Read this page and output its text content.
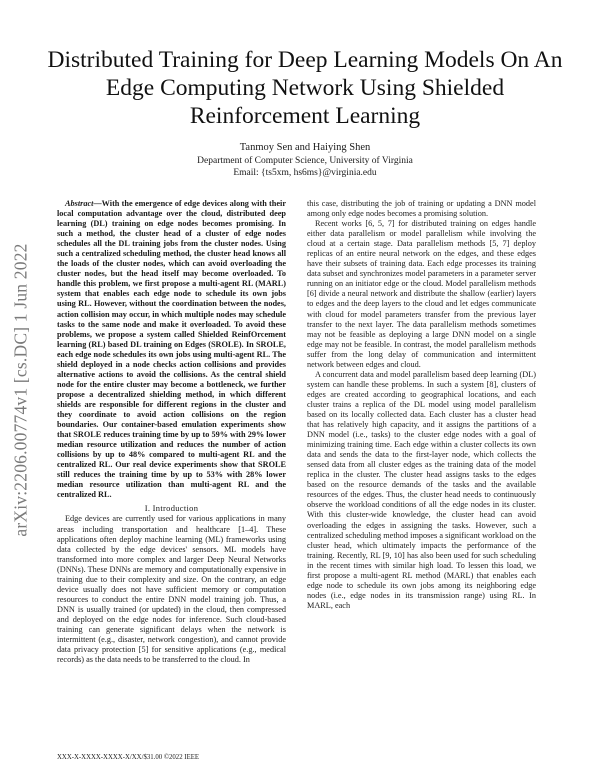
arXiv:2206.00774v1 [cs.DC] 1 Jun 2022
Distributed Training for Deep Learning Models On An Edge Computing Network Using Shielded Reinforcement Learning
Tanmoy Sen and Haiying Shen
Department of Computer Science, University of Virginia
Email: {ts5xm, hs6ms}@virginia.edu

Abstract—With the emergence of edge devices along with their local computation advantage over the cloud, distributed deep learning (DL) training on edge nodes becomes promising. In such a method, the cluster head of a cluster of edge nodes schedules all the DL training jobs from the cluster nodes. Using such a centralized scheduling method, the cluster head knows all the loads of the cluster nodes, which can avoid overloading the cluster nodes, but the head itself may become overloaded. To handle this problem, we first propose a multi-agent RL (MARL) system that enables each edge node to schedule its own jobs using RL. However, without the coordination between the nodes, action collision may occur, in which multiple nodes may schedule tasks to the same node and make it overloaded. To avoid these problems, we propose a system called Shielded ReinfOrcement learning (RL) based DL training on Edges (SROLE). In SROLE, each edge node schedules its own jobs using multi-agent RL. The shield deployed in a node checks action collisions and provides alternative actions to avoid the collisions. As the central shield node for the entire cluster may become a bottleneck, we further propose a decentralized shielding method, in which different shields are responsible for different regions in the cluster and they coordinate to avoid action collisions on the region boundaries. Our container-based emulation experiments show that SROLE reduces training time by up to 59% with 29% lower median resource utilization and reduces the number of action collisions by up to 48% compared to multi-agent RL and the centralized RL. Our real device experiments show that SROLE still reduces the training time by up to 53% with 28% lower median resource utilization than multi-agent RL and the centralized RL.

I. Introduction

Edge devices are currently used for various applications in many areas including transportation and healthcare [1–4]. These applications often deploy machine learning (ML) frameworks using data collected by the edge devices' sensors. ML models have transformed into more complex and larger Deep Neural Networks (DNNs). These DNNs are memory and computationally expensive in training due to their complexity and size. On the contrary, an edge device usually does not have sufficient memory or computation resources to conduct the entire DNN model training job. Thus, a DNN is usually trained (or updated) in the cloud, then compressed and deployed on the edge nodes for inference. Such cloud-based training can generate significant delays when the network is intermittent (e.g., disaster, network congestion), and cannot provide data privacy protection [5] for sensitive applications (e.g., medical records) as the data needs to be transferred to the cloud. In

this case, distributing the job of training or updating a DNN model among only edge nodes becomes a promising solution.

Recent works [6, 5, 7] for distributed training on edges handle either data parallelism or model parallelism while involving the cloud at a certain stage. Data parallelism methods [5, 7] deploy replicas of an entire neural network on the edges, and these edges have their subsets of training data. Each edge processes its training data subset and synchronizes model parameters in a parameter server running on an initiator edge or the cloud. Model parallelism methods [6] divide a neural network and distribute the shallow (earlier) layers to edges and the deep layers to the cloud and let edges communicate with cloud for model parameters transfer from the previous layer transfer to the next layer. The data parallelism methods sometimes may not be feasible as deploying a large DNN model on a single edge may not be feasible. In contrast, the model parallelism methods suffer from the long delay of communication and intermittent network between edges and cloud.

A concurrent data and model parallelism based deep learning (DL) system can handle these problems. In such a system [8], clusters of edges are created according to geographical locations, and each cluster trains a replica of the DL model using model parallelism based on its locally collected data. Each cluster has a cluster head that has relatively high capacity, and it assigns the partitions of a DNN model (i.e., tasks) to the cluster edge nodes with a goal of minimizing training time. Each edge within a cluster collects its own data and sends the data to the first-layer node, which collects the sensed data from all cluster edges as the training data of the model replica in the cluster. The cluster head assigns tasks to the edges based on the resource demands of the tasks and the available resources of the edges. Thus, the cluster head needs to continuously observe the workload conditions of all the edge nodes in its cluster. With this cluster-wide knowledge, the cluster head can avoid overloading the edges in assigning the tasks. However, such a centralized scheduling method imposes a significant workload on the cluster head, which ultimately impacts the performance of the training. Recently, RL [9, 10] has also been used for such scheduling in the recent times with similar high load. To lessen this load, we first propose a multi-agent RL method (MARL) that enables each edge node to schedule its own jobs among its neighboring edge nodes (i.e., edge nodes in its transmission range) using RL. In MARL, each

XXX-X-XXXX-XXXX-X/XX/$31.00 ©2022 IEEE
